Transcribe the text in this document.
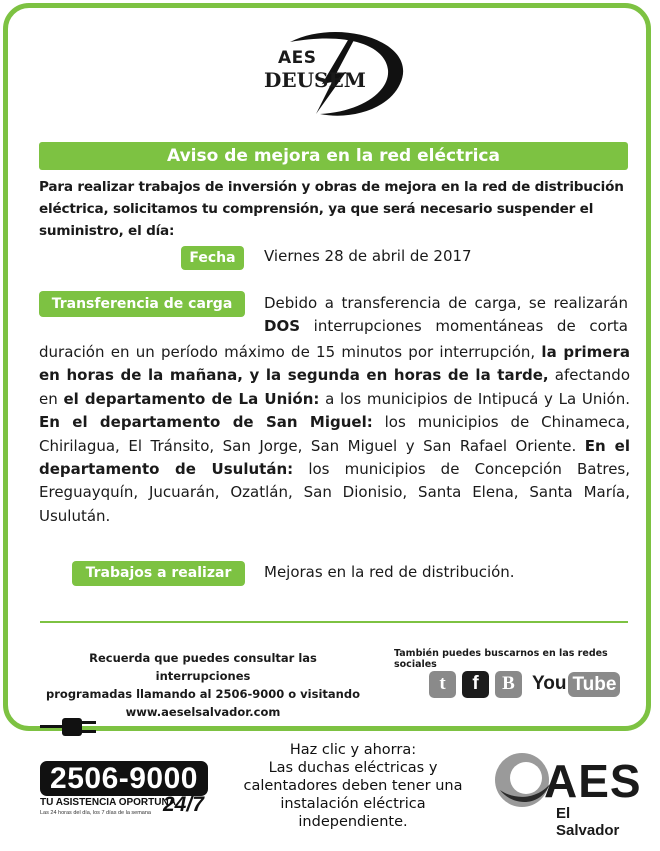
AES
DEUSEM
Aviso de mejora en la red eléctrica
Para realizar trabajos de inversión y obras de mejora en la red de distribución eléctrica, solicitamos tu comprensión, ya que será necesario suspender el suministro, el día:
Fecha	Viernes 28 de abril de 2017
Transferencia de carga	Debido a transferencia de carga, se realizarán DOS interrupciones momentáneas de corta
duración en un período máximo de 15 minutos por interrupción, la primera en horas de la mañana, y la segunda en horas de la tarde, afectando en el departamento de La Unión: a los municipios de Intipucá y La Unión. En el departamento de San Miguel: los municipios de Chinameca, Chirilagua, El Tránsito, San Jorge, San Miguel y San Rafael Oriente. En el departamento de Usulután: los municipios de Concepción Batres, Ereguayquín, Jucuarán, Ozatlán, San Dionisio, Santa Elena, Santa María, Usulután.
Trabajos a realizar	Mejoras en la red de distribución.
Recuerda que puedes consultar las interrupciones
programadas llamando al 2506-9000 o visitando
www.aeselsalvador.com
También puedes buscarnos en las redes sociales
t	f	B You Tube
2506-9000
TU ASISTENCIA OPORTUNA
Las 24 horas del día, los 7 días de la semana 24/7
Haz clic y ahorra:
Las duchas eléctricas y
calentadores deben tener una
instalación eléctrica
independiente.
AES
El Salvador
